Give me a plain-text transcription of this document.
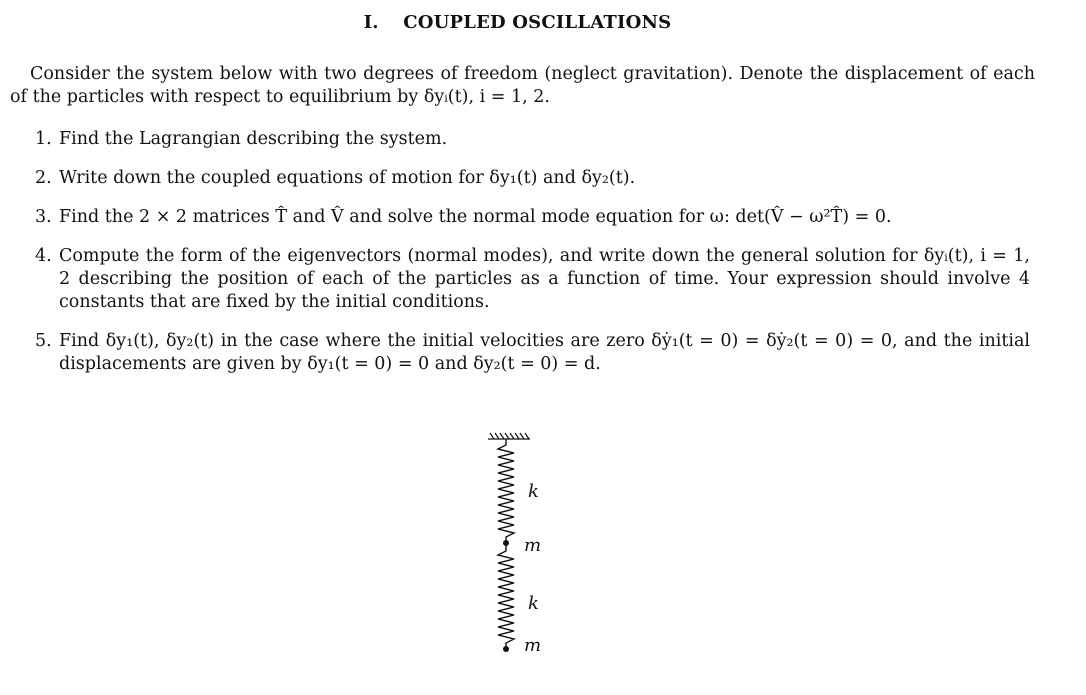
I. COUPLED OSCILLATIONS

Consider the system below with two degrees of freedom (neglect gravitation). Denote the displacement of each of the particles with respect to equilibrium by δyᵢ(t), i = 1, 2.

1. Find the Lagrangian describing the system.
2. Write down the coupled equations of motion for δy₁(t) and δy₂(t).
3. Find the 2 × 2 matrices T̂ and V̂ and solve the normal mode equation for ω: det(V̂ − ω²T̂) = 0.
4. Compute the form of the eigenvectors (normal modes), and write down the general solution for δyᵢ(t), i = 1, 2 describing the position of each of the particles as a function of time. Your expression should involve 4 constants that are fixed by the initial conditions.
5. Find δy₁(t), δy₂(t) in the case where the initial velocities are zero δẏ₁(t = 0) = δẏ₂(t = 0) = 0, and the initial displacements are given by δy₁(t = 0) = 0 and δy₂(t = 0) = d.
k
m
k
m
